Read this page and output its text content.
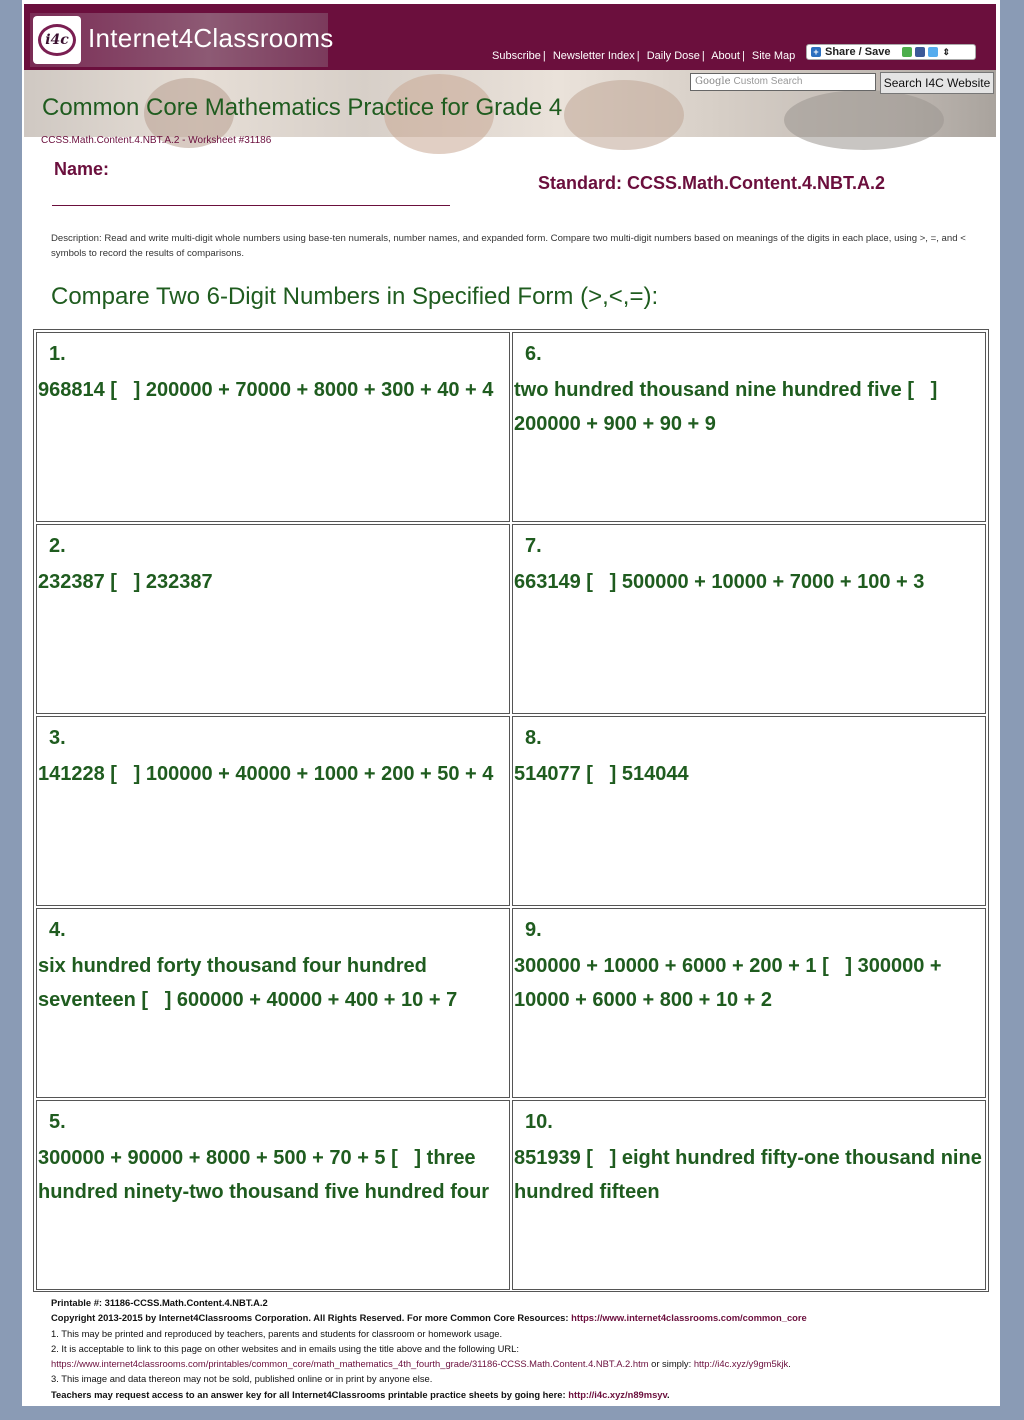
i4c Internet4Classrooms
Subscribe | Newsletter Index | Daily Dose | About | Site Map	+ Share / Save	⇕
Common Core Mathematics Practice for Grade 4
Google Custom Search	Search I4C Website
CCSS.Math.Content.4.NBT.A.2 - Worksheet #31186
Name:
Standard: CCSS.Math.Content.4.NBT.A.2
Description: Read and write multi-digit whole numbers using base-ten numerals, number names, and expanded form. Compare two multi-digit numbers based on meanings of the digits in each place, using >, =, and < symbols to record the results of comparisons.
Compare Two 6-Digit Numbers in Specified Form (>,<,=):
1.
968814 [   ] 200000 + 70000 + 8000 + 300 + 40 + 4
2.
232387 [   ] 232387
3.
141228 [   ] 100000 + 40000 + 1000 + 200 + 50 + 4
4.
six hundred forty thousand four hundred seventeen [   ] 600000 + 40000 + 400 + 10 + 7
5.
300000 + 90000 + 8000 + 500 + 70 + 5 [   ] three hundred ninety-two thousand five hundred four
6.
two hundred thousand nine hundred five [   ] 200000 + 900 + 90 + 9
7.
663149 [   ] 500000 + 10000 + 7000 + 100 + 3
8.
514077 [   ] 514044
9.
300000 + 10000 + 6000 + 200 + 1 [   ] 300000 + 10000 + 6000 + 800 + 10 + 2
10.
851939 [   ] eight hundred fifty-one thousand nine hundred fifteen
Printable #: 31186-CCSS.Math.Content.4.NBT.A.2
Copyright 2013-2015 by Internet4Classrooms Corporation. All Rights Reserved. For more Common Core Resources: https://www.internet4classrooms.com/common_core
1. This may be printed and reproduced by teachers, parents and students for classroom or homework usage.
2. It is acceptable to link to this page on other websites and in emails using the title above and the following URL:
https://www.internet4classrooms.com/printables/common_core/math_mathematics_4th_fourth_grade/31186-CCSS.Math.Content.4.NBT.A.2.htm or simply: http://i4c.xyz/y9gm5kjk.
3. This image and data thereon may not be sold, published online or in print by anyone else.
Teachers may request access to an answer key for all Internet4Classrooms printable practice sheets by going here: http://i4c.xyz/n89msyv.
